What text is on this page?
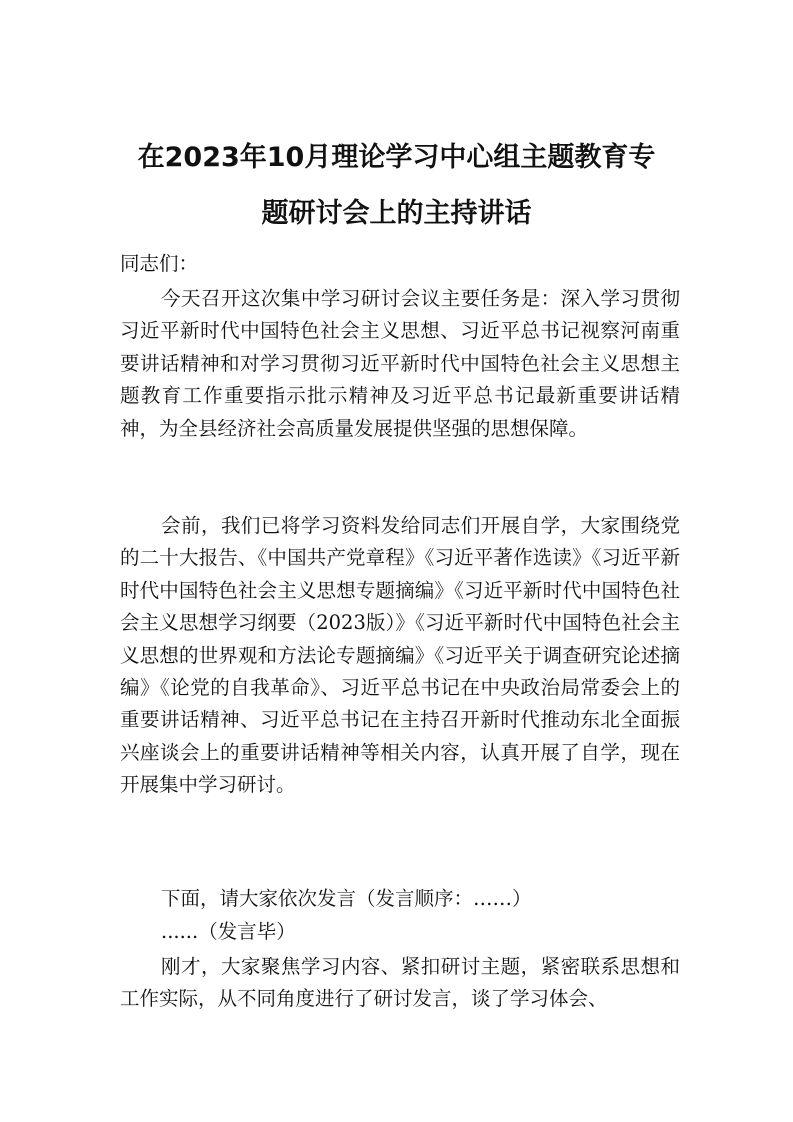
在2023年10月理论学习中心组主题教育专
题研讨会上的主持讲话

同志们：

今天召开这次集中学习研讨会议主要任务是：深入学习贯彻习近平新时代中国特色社会主义思想、习近平总书记视察河南重要讲话精神和对学习贯彻习近平新时代中国特色社会主义思想主题教育工作重要指示批示精神及习近平总书记最新重要讲话精神，为全县经济社会高质量发展提供坚强的思想保障。

会前，我们已将学习资料发给同志们开展自学，大家围绕党的二十大报告、《中国共产党章程》《习近平著作选读》《习近平新时代中国特色社会主义思想专题摘编》《习近平新时代中国特色社会主义思想学习纲要（2023版）》《习近平新时代中国特色社会主义思想的世界观和方法论专题摘编》《习近平关于调查研究论述摘编》《论党的自我革命》、习近平总书记在中央政治局常委会上的重要讲话精神、习近平总书记在主持召开新时代推动东北全面振兴座谈会上的重要讲话精神等相关内容，认真开展了自学，现在开展集中学习研讨。

下面，请大家依次发言（发言顺序：……）

......（发言毕）

刚才，大家聚焦学习内容、紧扣研讨主题，紧密联系思想和工作实际，从不同角度进行了研讨发言，谈了学习体会、
